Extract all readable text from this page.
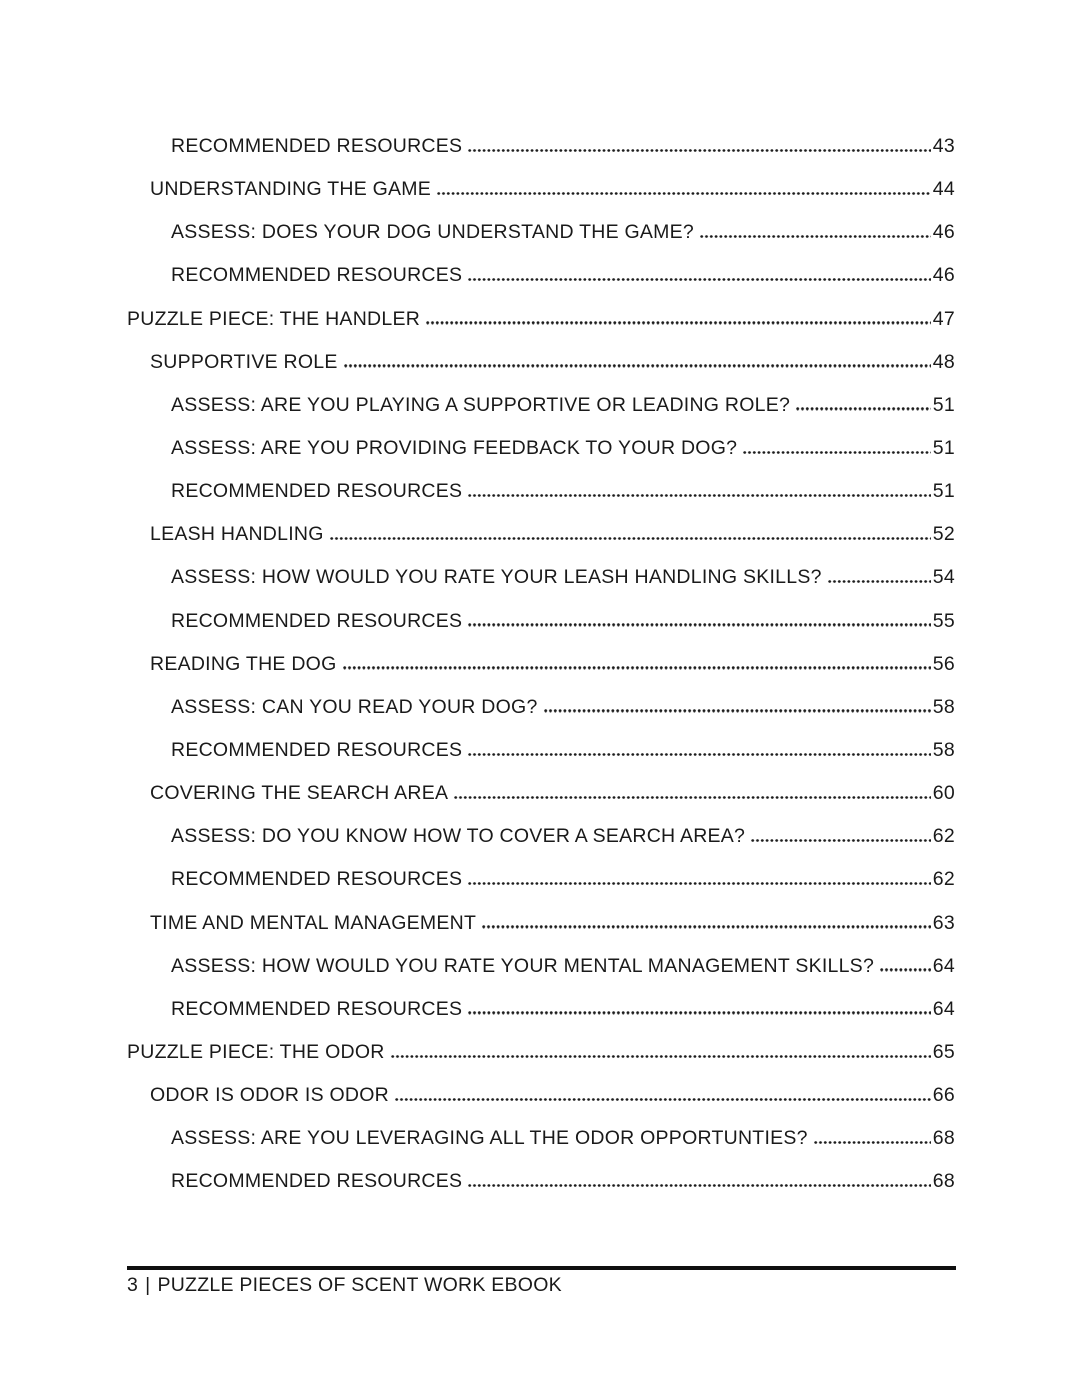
RECOMMENDED RESOURCES	43
UNDERSTANDING THE GAME	44
ASSESS: DOES YOUR DOG UNDERSTAND THE GAME?	46
RECOMMENDED RESOURCES	46
PUZZLE PIECE: THE HANDLER	47
SUPPORTIVE ROLE	48
ASSESS: ARE YOU PLAYING A SUPPORTIVE OR LEADING ROLE?	51
ASSESS: ARE YOU PROVIDING FEEDBACK TO YOUR DOG?	51
RECOMMENDED RESOURCES	51
LEASH HANDLING	52
ASSESS: HOW WOULD YOU RATE YOUR LEASH HANDLING SKILLS?	54
RECOMMENDED RESOURCES	55
READING THE DOG	56
ASSESS: CAN YOU READ YOUR DOG?	58
RECOMMENDED RESOURCES	58
COVERING THE SEARCH AREA	60
ASSESS: DO YOU KNOW HOW TO COVER A SEARCH AREA?	62
RECOMMENDED RESOURCES	62
TIME AND MENTAL MANAGEMENT	63
ASSESS: HOW WOULD YOU RATE YOUR MENTAL MANAGEMENT SKILLS?	64
RECOMMENDED RESOURCES	64
PUZZLE PIECE: THE ODOR	65
ODOR IS ODOR IS ODOR	66
ASSESS: ARE YOU LEVERAGING ALL THE ODOR OPPORTUNTIES?	68
RECOMMENDED RESOURCES	68
3 | PUZZLE PIECES OF SCENT WORK EBOOK
